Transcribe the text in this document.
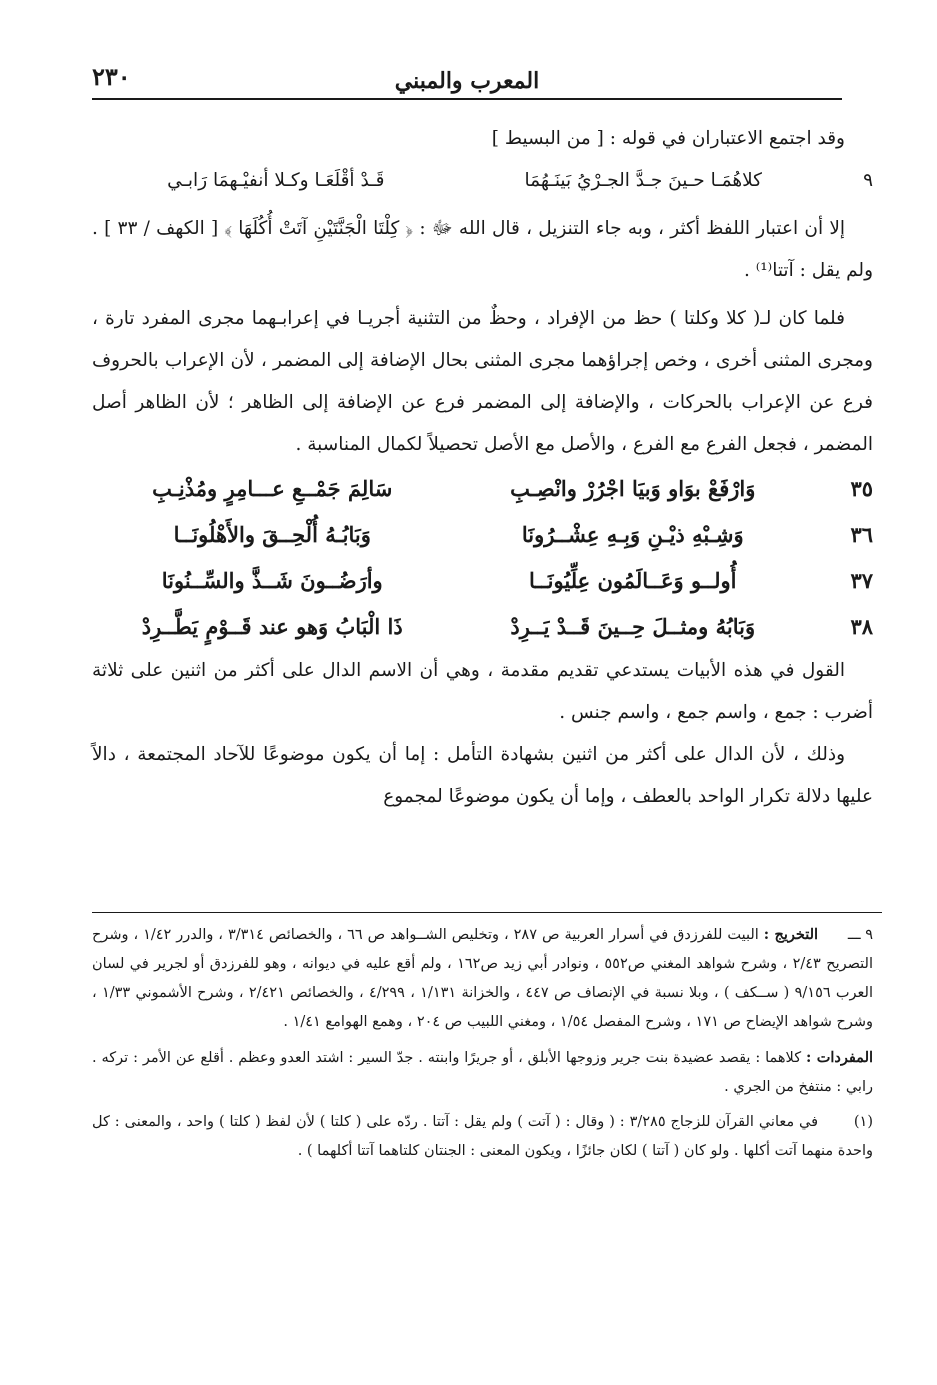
المعرب والمبني
٢٣٠

وقد اجتمع الاعتباران في قوله : [ من البسيط ]

٩
كلاهُمَـا حـينَ جـدَّ الجـرْيُ بَينَـهُمَا
قَـدْ أقْلَعَـا وكـلا أنفيْـهمَا رَابـي

إلا أن اعتبار اللفظ أكثر ، وبه جاء التنزيل ، قال الله ﷻ : ﴿ كِلْتَا الْجَنَّتَيْنِ آتَتْ أُكُلَهَا ﴾ [ الكهف / ٣٣ ] . ولم يقل : آتتا⁽¹⁾ .

فلما كان لـ( كلا وكلتا ) حظ من الإفراد ، وحظٌ من التثنية أجريـا في إعرابـهما مجرى المفرد تارة ، ومجرى المثنى أخرى ، وخص إجراؤهما مجرى المثنى بحال الإضافة إلى المضمر ، لأن الإعراب بالحروف فرع عن الإعراب بالحركات ، والإضافة إلى المضمر فرع عن الإضافة إلى الظاهر ؛ لأن الظاهر أصل المضمر ، فجعل الفرع مع الفرع ، والأصل مع الأصل تحصيلاً لكمال المناسبة .

٣٥
وَارْفَعْ بوَاو وَبيَا اجْرُرْ وانْصِـبِ
سَالِمَ جَمْــعِ عـــامِرٍ ومُذْنِـبِ
٣٦
وَشِـبْهِ ذيْـنِ وَبِـهِ عِشْــرُونَا
وَبَابُـهُ أُلْحِــقَ والأَهْلُونَــا
٣٧
أُولــو وَعَــالَمُون عِلِّيُونَــا
وأرَضُــونَ شَــذَّ والسِّــنُونَا
٣٨
وَبَابُهُ ومثــلَ حِــينَ قَــدْ يَــرِدْ
ذَا الْبَابُ وَهو عند قَــوْمٍ يَطَّــرِدْ

القول في هذه الأبيات يستدعي تقديم مقدمة ، وهي أن الاسم الدال على أكثر من اثنين على ثلاثة أضرب : جمع ، واسم جمع ، واسم جنس .

وذلك ، لأن الدال على أكثر من اثنين بشهادة التأمل : إما أن يكون موضوعًا للآحاد المجتمعة ، دالاً عليها دلالة تكرار الواحد بالعطف ، وإما أن يكون موضوعًا لمجموع

٩ ـــ التخريج : البيت للفرزدق في أسرار العربية ص ٢٨٧ ، وتخليص الشــواهد ص ٦٦ ، والخصائص ٣/٣١٤ ، والدرر ١/٤٢ ، وشرح التصريح ٢/٤٣ ، وشرح شواهد المغني ص٥٥٢ ، ونوادر أبي زيد ص١٦٢ ، ولم أقع عليه في ديوانه ، وهو للفرزدق أو لجرير في لسان العرب ٩/١٥٦ ( ســكف ) ، وبلا نسبة في الإنصاف ص ٤٤٧ ، والخزانة ١/١٣١ ، ٤/٢٩٩ ، والخصائص ٢/٤٢١ ، وشرح الأشموني ١/٣٣ ، وشرح شواهد الإيضاح ص ١٧١ ، وشرح المفصل ١/٥٤ ، ومغني اللبيب ص ٢٠٤ ، وهمع الهوامع ١/٤١ .

المفردات : كلاهما : يقصد عضيدة بنت جرير وزوجها الأبلق ، أو جريرًا وابنته . جدّ السير : اشتد العدو وعظم . أقلع عن الأمر : تركه . رابي : منتفخ من الجري .

(١) في معاني القرآن للزجاج ٣/٢٨٥ : ( وقال : ( آتت ) ولم يقل : آتتا . ردّه على ( كلتا ) لأن لفظ ( كلتا ) واحد ، والمعنى : كل واحدة منهما آتت أكلها . ولو كان ( آتتا ) لكان جائزًا ، ويكون المعنى : الجنتان كلتاهما آتتا أكلهما ) .
